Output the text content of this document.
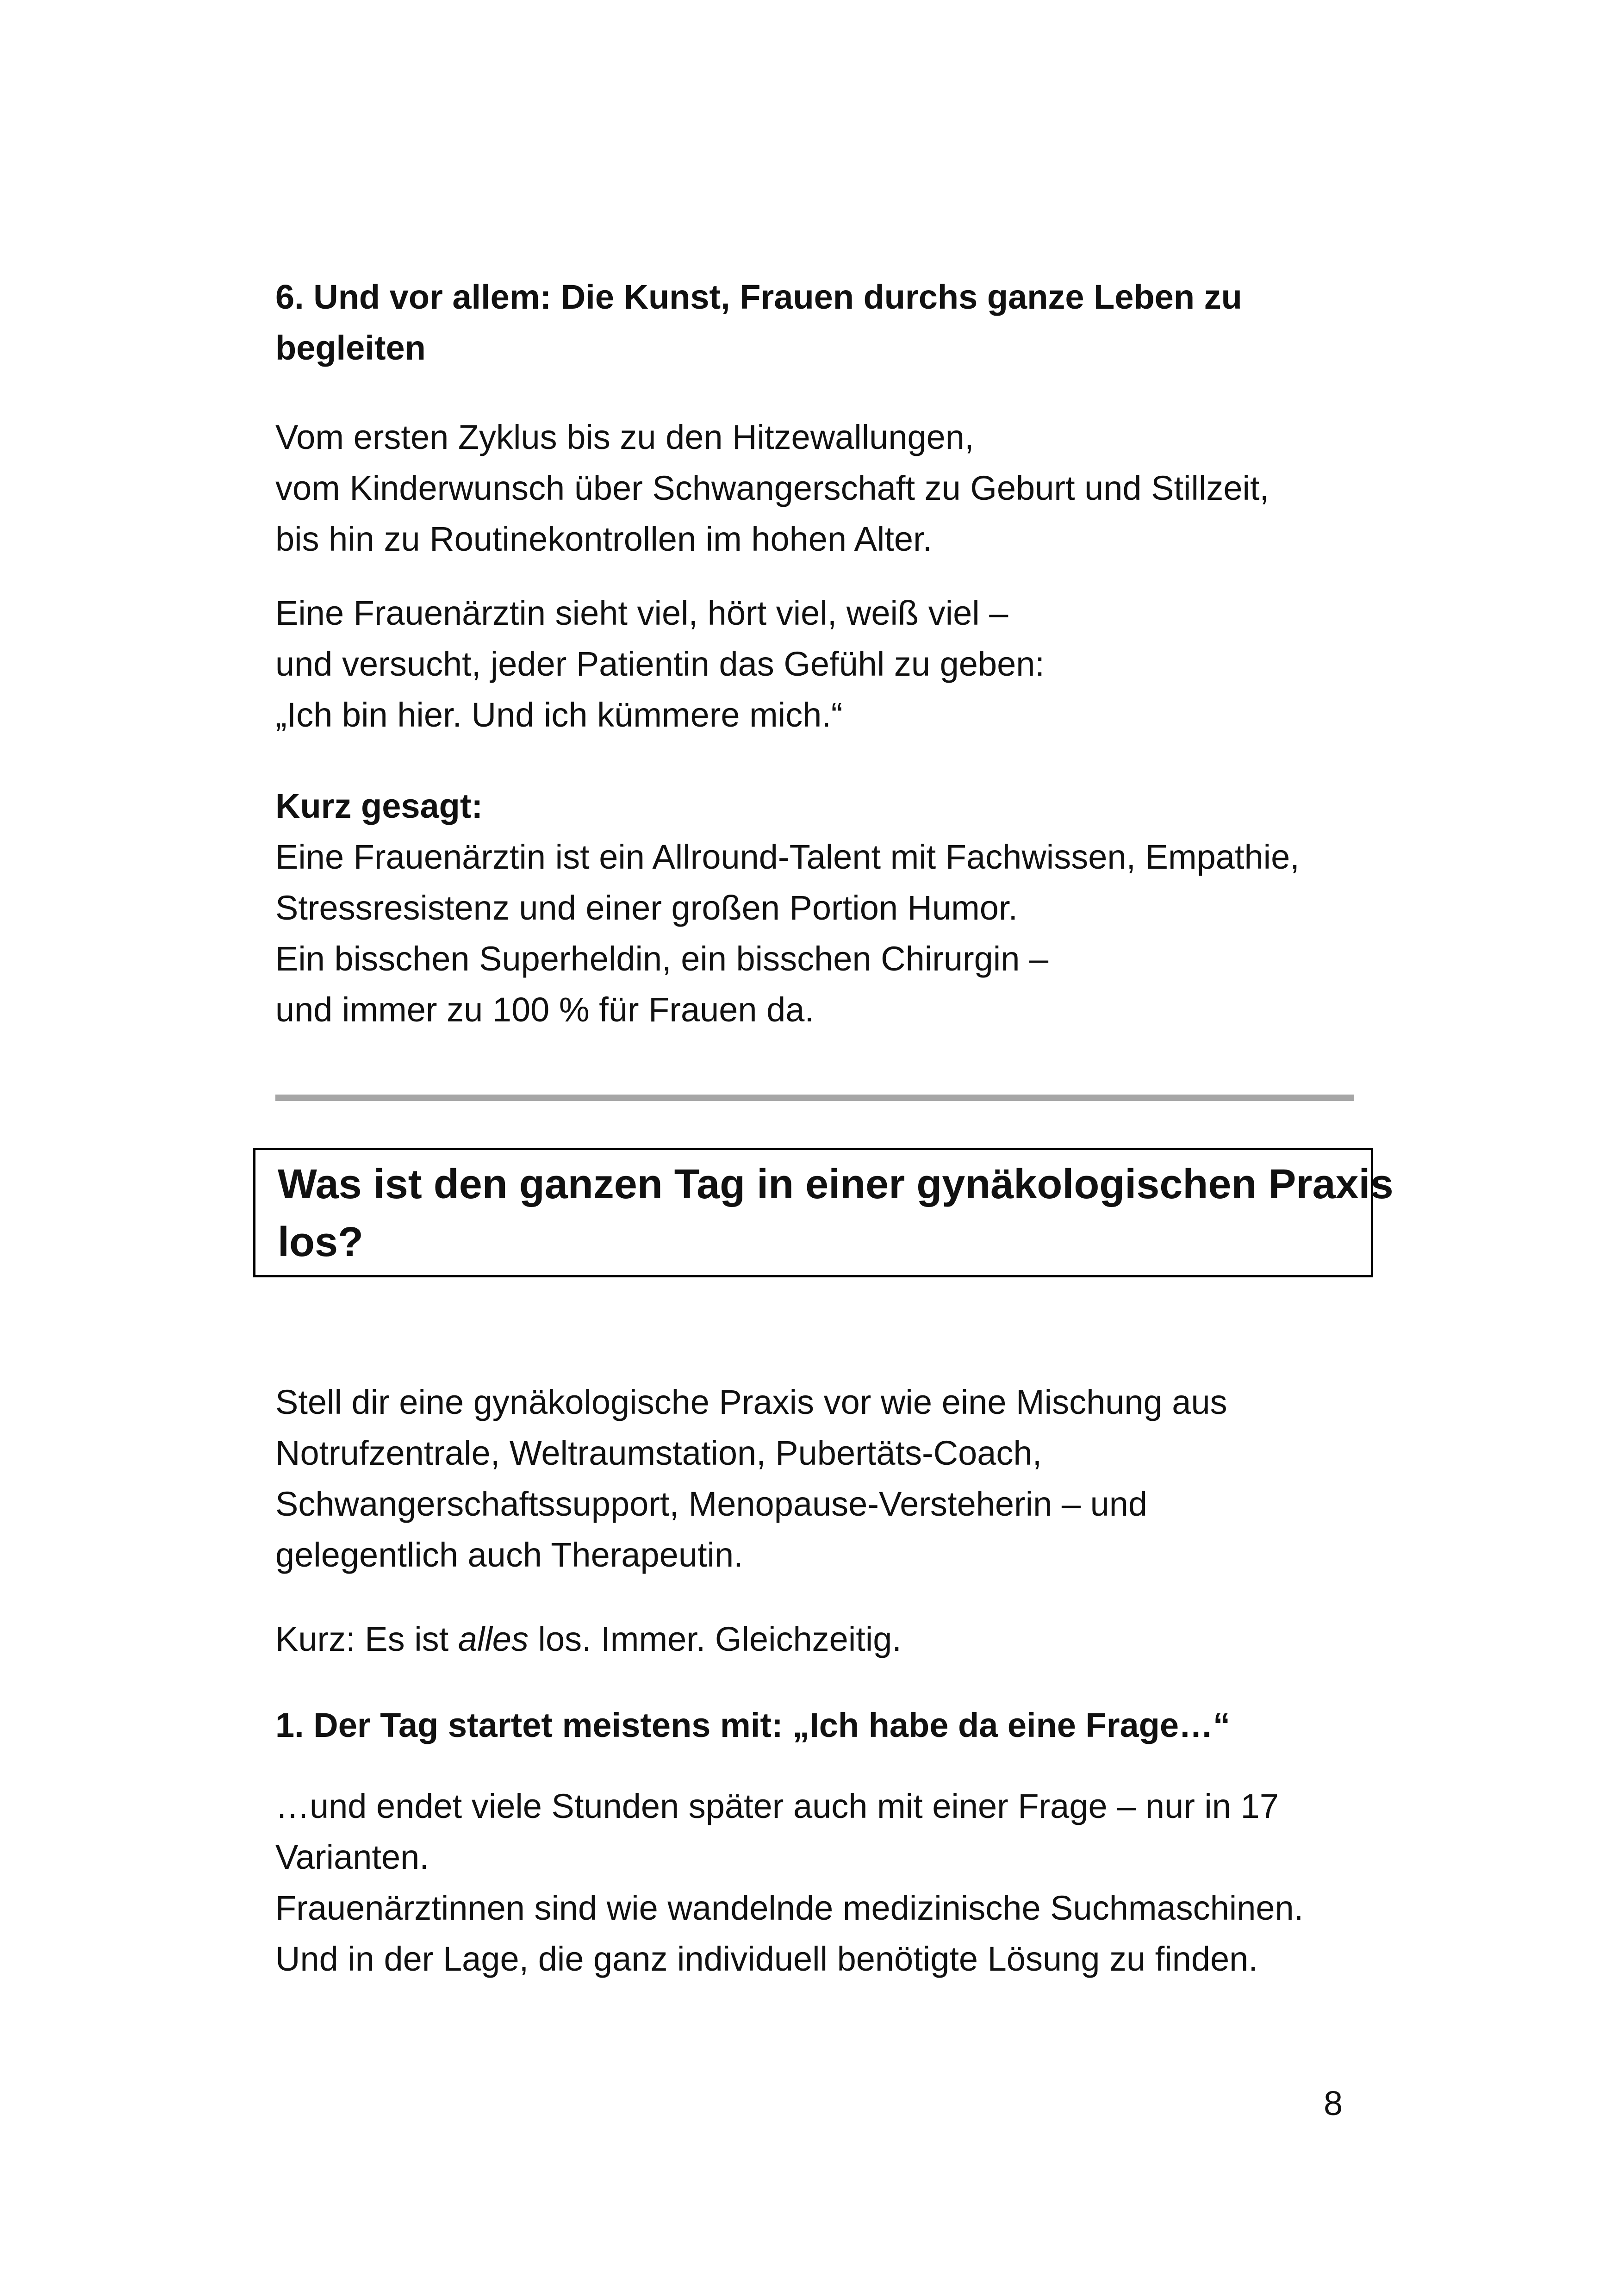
6. Und vor allem: Die Kunst, Frauen durchs ganze Leben zu
begleiten
Vom ersten Zyklus bis zu den Hitzewallungen,
vom Kinderwunsch über Schwangerschaft zu Geburt und Stillzeit,
bis hin zu Routinekontrollen im hohen Alter.
Eine Frauenärztin sieht viel, hört viel, weiß viel –
und versucht, jeder Patientin das Gefühl zu geben:
„Ich bin hier. Und ich kümmere mich.“
Kurz gesagt:
Eine Frauenärztin ist ein Allround-Talent mit Fachwissen, Empathie,
Stressresistenz und einer großen Portion Humor.
Ein bisschen Superheldin, ein bisschen Chirurgin –
und immer zu 100 % für Frauen da.
Was ist den ganzen Tag in einer gynäkologischen Praxis
los?
Stell dir eine gynäkologische Praxis vor wie eine Mischung aus
Notrufzentrale, Weltraumstation, Pubertäts-Coach,
Schwangerschaftssupport, Menopause-Versteherin – und
gelegentlich auch Therapeutin.
Kurz: Es ist alles los. Immer. Gleichzeitig.
1. Der Tag startet meistens mit: „Ich habe da eine Frage…“
…und endet viele Stunden später auch mit einer Frage – nur in 17
Varianten.
Frauenärztinnen sind wie wandelnde medizinische Suchmaschinen.
Und in der Lage, die ganz individuell benötigte Lösung zu finden.
8
